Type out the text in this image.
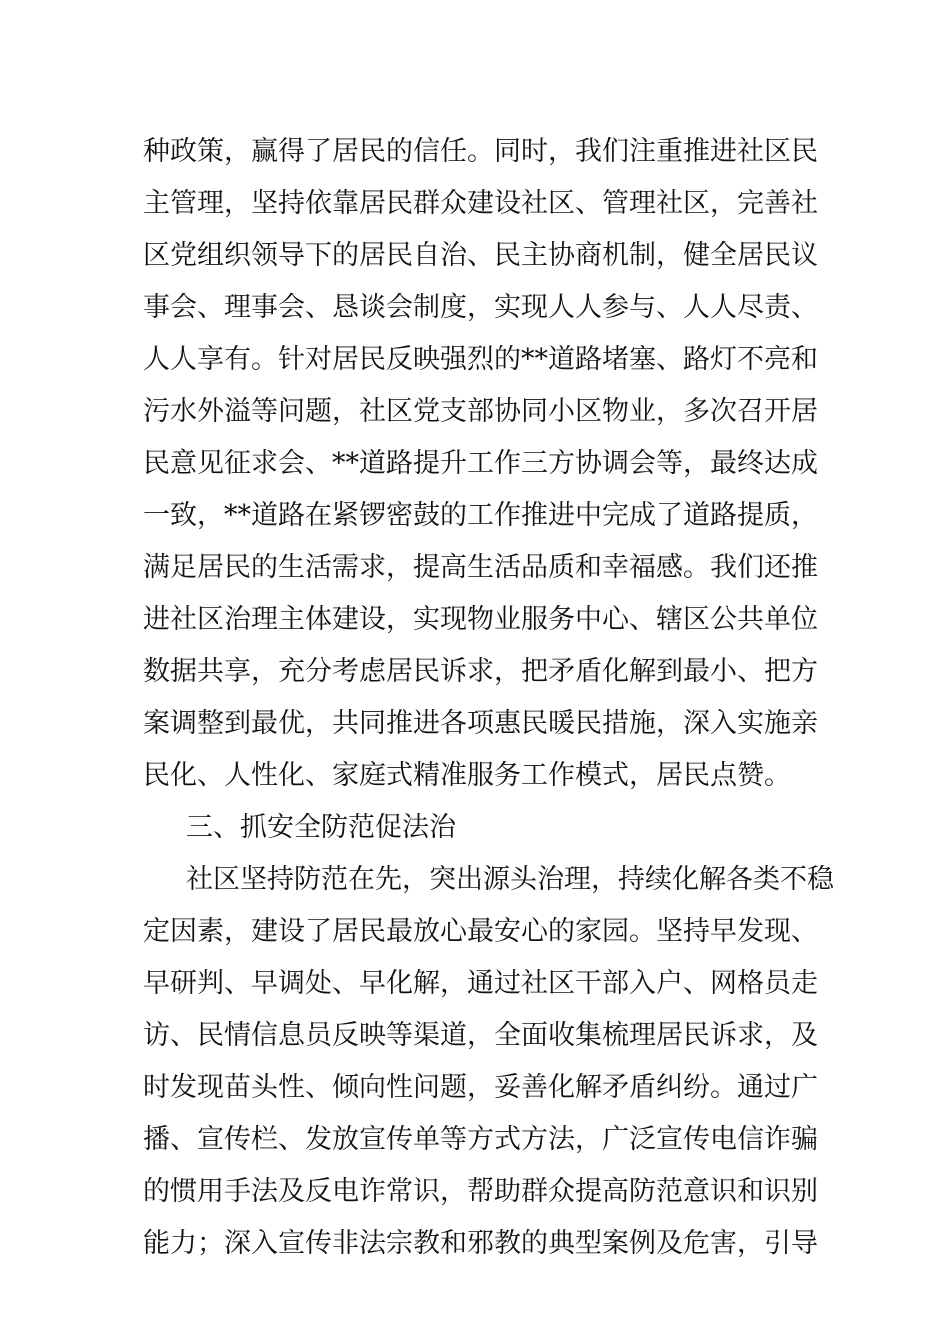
种政策，赢得了居民的信任。同时，我们注重推进社区民
主管理，坚持依靠居民群众建设社区、管理社区，完善社
区党组织领导下的居民自治、民主协商机制，健全居民议
事会、理事会、恳谈会制度，实现人人参与、人人尽责、
人人享有。针对居民反映强烈的**道路堵塞、路灯不亮和
污水外溢等问题，社区党支部协同小区物业，多次召开居
民意见征求会、**道路提升工作三方协调会等，最终达成
一致，**道路在紧锣密鼓的工作推进中完成了道路提质，
满足居民的生活需求，提高生活品质和幸福感。我们还推
进社区治理主体建设，实现物业服务中心、辖区公共单位
数据共享，充分考虑居民诉求，把矛盾化解到最小、把方
案调整到最优，共同推进各项惠民暖民措施，深入实施亲
民化、人性化、家庭式精准服务工作模式，居民点赞。
三、抓安全防范促法治
社区坚持防范在先，突出源头治理，持续化解各类不稳
定因素，建设了居民最放心最安心的家园。坚持早发现、
早研判、早调处、早化解，通过社区干部入户、网格员走
访、民情信息员反映等渠道，全面收集梳理居民诉求，及
时发现苗头性、倾向性问题，妥善化解矛盾纠纷。通过广
播、宣传栏、发放宣传单等方式方法，广泛宣传电信诈骗
的惯用手法及反电诈常识，帮助群众提高防范意识和识别
能力；深入宣传非法宗教和邪教的典型案例及危害，引导
